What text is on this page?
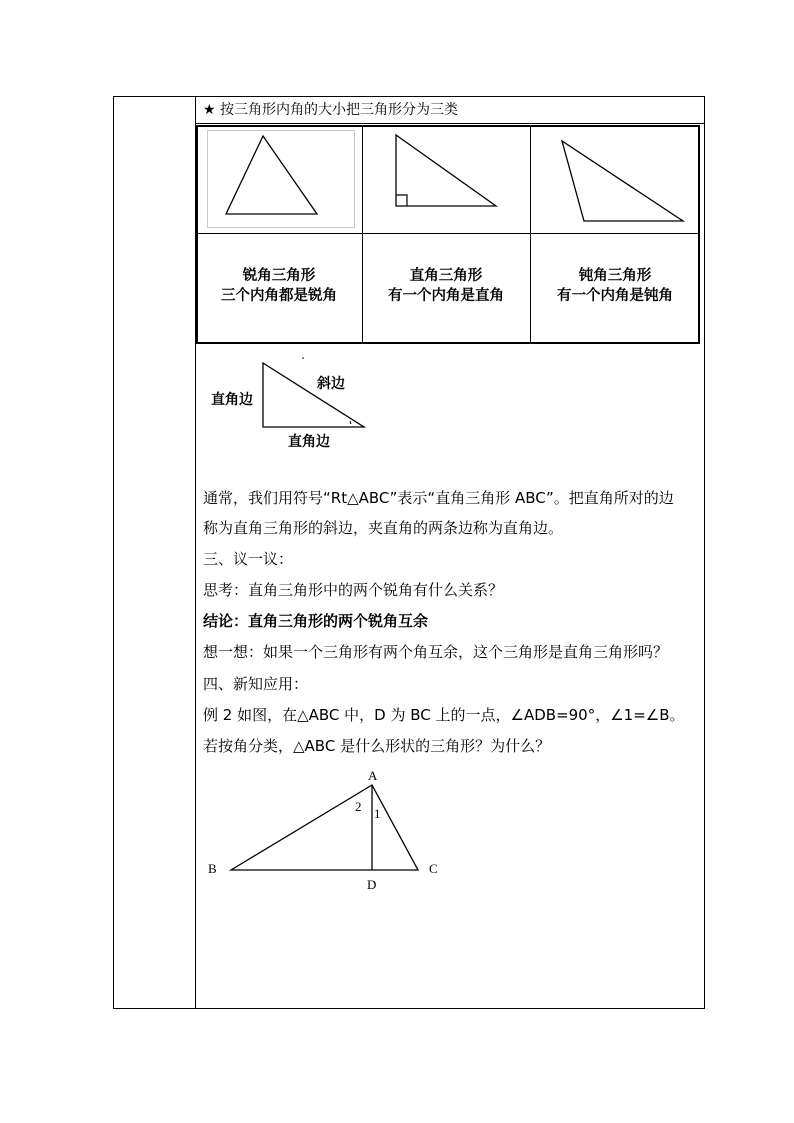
★ 按三角形内角的大小把三角形分为三类
锐角三角形
三个内角都是锐角
直角三角形
有一个内角是直角
钝角三角形
有一个内角是钝角
直角边
斜边
直角边
通常，我们用符号“Rt△ABC”表示“直角三角形 ABC”。把直角所对的边
称为直角三角形的斜边，夹直角的两条边称为直角边。
三、议一议：
思考：直角三角形中的两个锐角有什么关系？
结论：直角三角形的两个锐角互余
想一想：如果一个三角形有两个角互余，这个三角形是直角三角形吗？
四、新知应用：
例 2 如图，在△ABC 中，D 为 BC 上的一点，∠ADB=90°，∠1=∠B。
若按角分类，△ABC 是什么形状的三角形？为什么？
A
B	C
D
1
2
